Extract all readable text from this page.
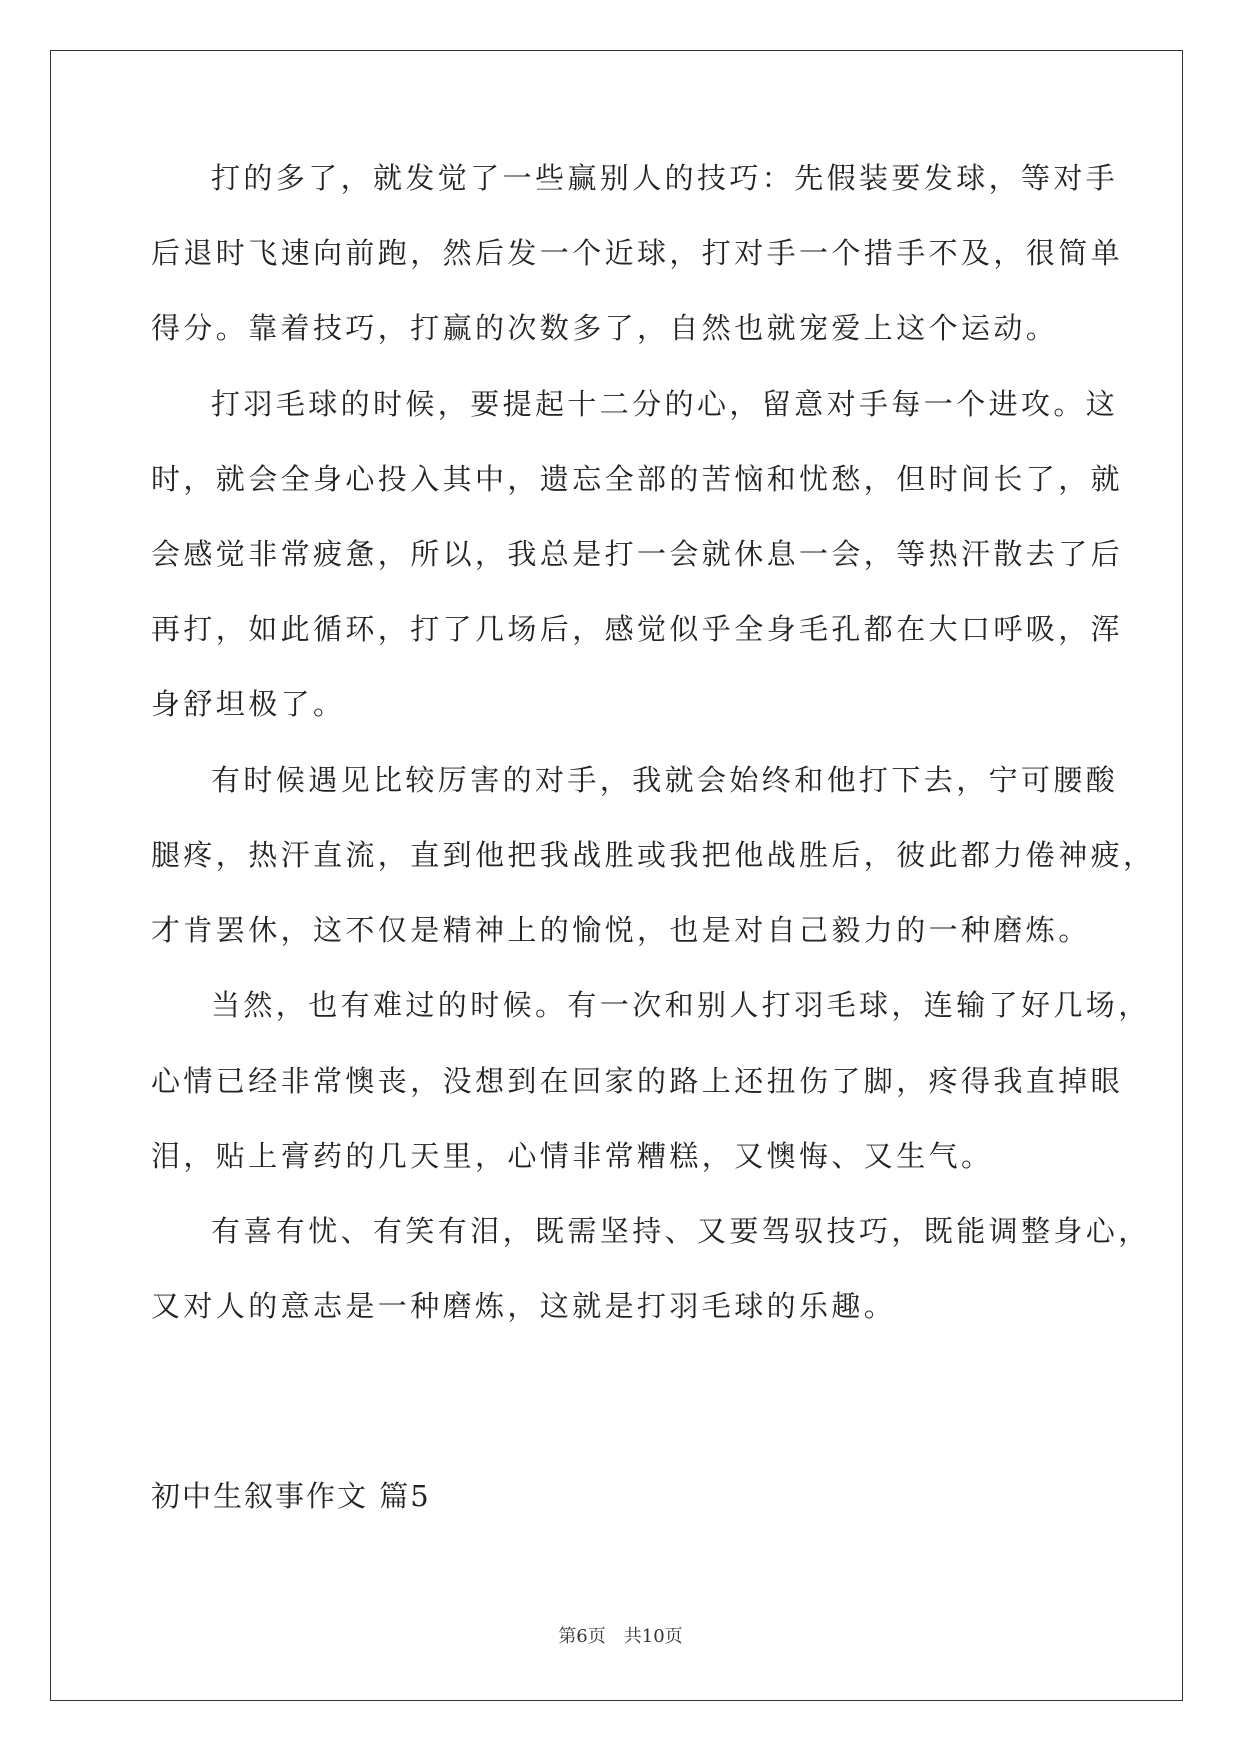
打的多了，就发觉了一些赢别人的技巧：先假装要发球，等对手
后退时飞速向前跑，然后发一个近球，打对手一个措手不及，很简单
得分。靠着技巧，打赢的次数多了，自然也就宠爱上这个运动。
打羽毛球的时候，要提起十二分的心，留意对手每一个进攻。这
时，就会全身心投入其中，遗忘全部的苦恼和忧愁，但时间长了，就
会感觉非常疲惫，所以，我总是打一会就休息一会，等热汗散去了后
再打，如此循环，打了几场后，感觉似乎全身毛孔都在大口呼吸，浑
身舒坦极了。
有时候遇见比较厉害的对手，我就会始终和他打下去，宁可腰酸
腿疼，热汗直流，直到他把我战胜或我把他战胜后，彼此都力倦神疲，
才肯罢休，这不仅是精神上的愉悦，也是对自己毅力的一种磨炼。
当然，也有难过的时候。有一次和别人打羽毛球，连输了好几场，
心情已经非常懊丧，没想到在回家的路上还扭伤了脚，疼得我直掉眼
泪，贴上膏药的几天里，心情非常糟糕，又懊悔、又生气。
有喜有忧、有笑有泪，既需坚持、又要驾驭技巧，既能调整身心，
又对人的意志是一种磨炼，这就是打羽毛球的乐趣。
初中生叙事作文 篇5
第6页 共10页
